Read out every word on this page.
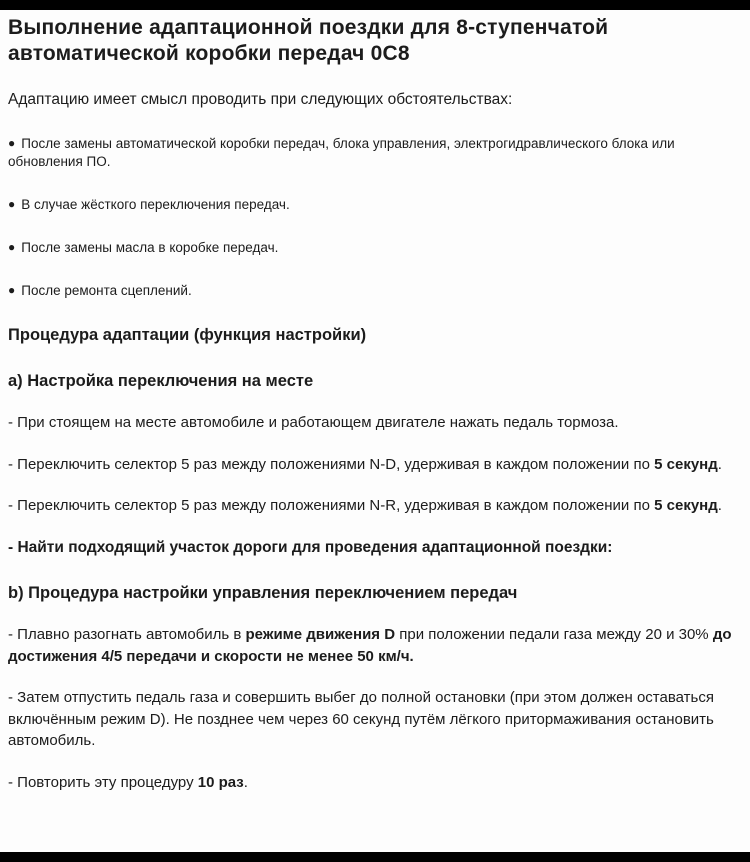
Выполнение адаптационной поездки для 8-ступенчатой автоматической коробки передач 0С8

Адаптацию имеет смысл проводить при следующих обстоятельствах:

● После замены автоматической коробки передач, блока управления, электрогидравлического блока или обновления ПО.
● В случае жёсткого переключения передач.
● После замены масла в коробке передач.
● После ремонта сцеплений.
Процедура адаптации (функция настройки)
a) Настройка переключения на месте

- При стоящем на месте автомобиле и работающем двигателе нажать педаль тормоза.

- Переключить селектор 5 раз между положениями N-D, удерживая в каждом положении по 5 секунд.

- Переключить селектор 5 раз между положениями N-R, удерживая в каждом положении по 5 секунд.

- Найти подходящий участок дороги для проведения адаптационной поездки:

b) Процедура настройки управления переключением передач

- Плавно разогнать автомобиль в режиме движения D при положении педали газа между 20 и 30% до достижения 4/5 передачи и скорости не менее 50 км/ч.

- Затем отпустить педаль газа и совершить выбег до полной остановки (при этом должен оставаться включённым режим D). Не позднее чем через 60 секунд путём лёгкого притормаживания остановить автомобиль.

- Повторить эту процедуру 10 раз.
